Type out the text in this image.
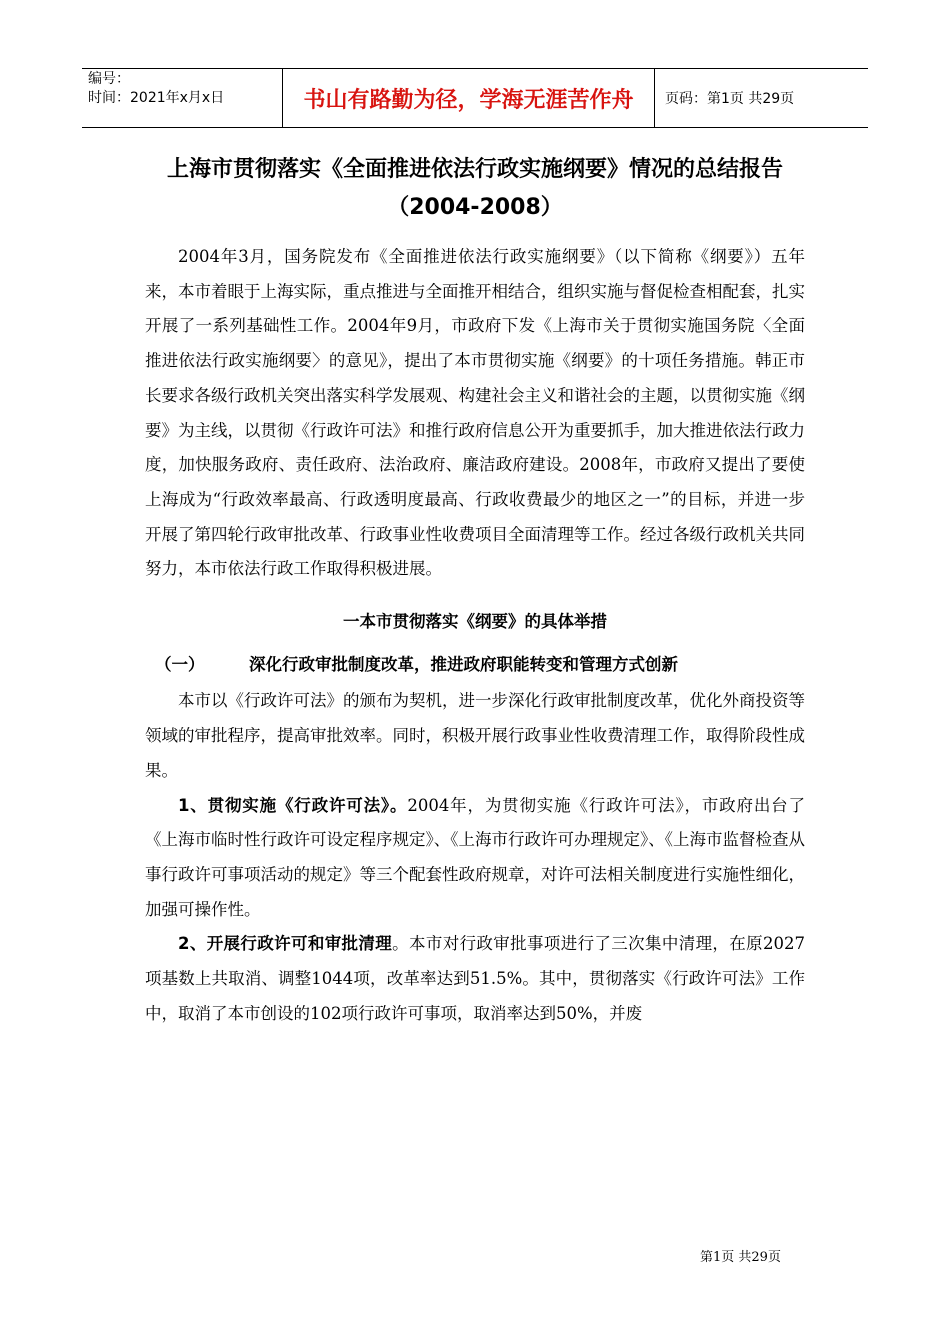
编号：
时间：2021年x月x日	书山有路勤为径，学海无涯苦作舟	页码：第1页 共29页
上海市贯彻落实《全面推进依法行政实施纲要》情况的总结报告
（2004-2008）

2004年3月，国务院发布《全面推进依法行政实施纲要》（以下简称《纲要》）五年来，本市着眼于上海实际，重点推进与全面推开相结合，组织实施与督促检查相配套，扎实开展了一系列基础性工作。2004年9月，市政府下发《上海市关于贯彻实施国务院〈全面推进依法行政实施纲要〉的意见》，提出了本市贯彻实施《纲要》的十项任务措施。韩正市长要求各级行政机关突出落实科学发展观、构建社会主义和谐社会的主题，以贯彻实施《纲要》为主线，以贯彻《行政许可法》和推行政府信息公开为重要抓手，加大推进依法行政力度，加快服务政府、责任政府、法治政府、廉洁政府建设。2008年，市政府又提出了要使上海成为“行政效率最高、行政透明度最高、行政收费最少的地区之一”的目标，并进一步开展了第四轮行政审批改革、行政事业性收费项目全面清理等工作。经过各级行政机关共同努力，本市依法行政工作取得积极进展。

一本市贯彻落实《纲要》的具体举措
（一）	深化行政审批制度改革，推进政府职能转变和管理方式创新

本市以《行政许可法》的颁布为契机，进一步深化行政审批制度改革，优化外商投资等领域的审批程序，提高审批效率。同时，积极开展行政事业性收费清理工作，取得阶段性成果。

1、贯彻实施《行政许可法》。2004年，为贯彻实施《行政许可法》，市政府出台了《上海市临时性行政许可设定程序规定》、《上海市行政许可办理规定》、《上海市监督检查从事行政许可事项活动的规定》等三个配套性政府规章，对许可法相关制度进行实施性细化，加强可操作性。

2、开展行政许可和审批清理。本市对行政审批事项进行了三次集中清理，在原2027项基数上共取消、调整1044项，改革率达到51.5%。其中，贯彻落实《行政许可法》工作中，取消了本市创设的102项行政许可事项，取消率达到50%，并废

第1页 共29页
